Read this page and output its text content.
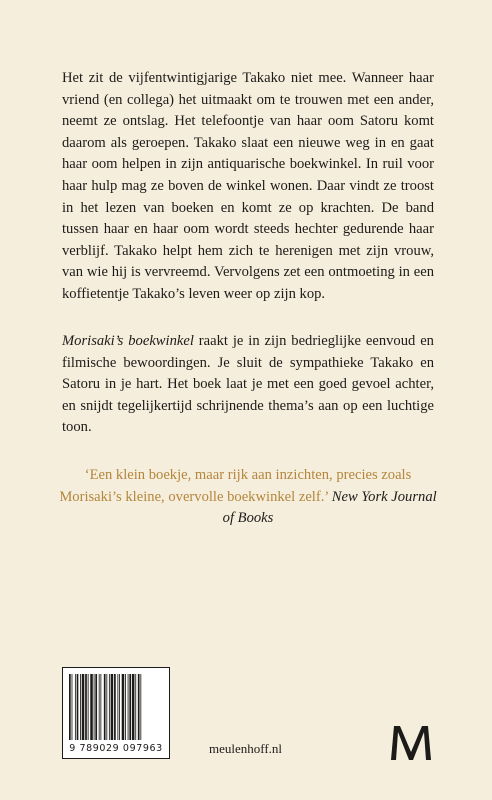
Het zit de vijfentwintigjarige Takako niet mee. Wanneer haar vriend (en collega) het uitmaakt om te trouwen met een ander, neemt ze ontslag. Het telefoontje van haar oom Satoru komt daarom als geroepen. Takako slaat een nieuwe weg in en gaat haar oom helpen in zijn antiquarische boekwinkel. In ruil voor haar hulp mag ze boven de winkel wonen. Daar vindt ze troost in het lezen van boeken en komt ze op krachten. De band tussen haar en haar oom wordt steeds hechter gedurende haar verblijf. Takako helpt hem zich te herenigen met zijn vrouw, van wie hij is vervreemd. Vervolgens zet een ontmoeting in een koffietentje Takako’s leven weer op zijn kop.

Morisaki’s boekwinkel raakt je in zijn bedrieglijke eenvoud en filmische bewoordingen. Je sluit de sympathieke Takako en Satoru in je hart. Het boek laat je met een goed gevoel achter, en snijdt tegelijkertijd schrijnende thema’s aan op een luchtige toon.

‘Een klein boekje, maar rijk aan inzichten, precies zoals Morisaki’s kleine, overvolle boekwinkel zelf.’ New York Journal of Books

9 789029 097963	meulenhoff.nl
